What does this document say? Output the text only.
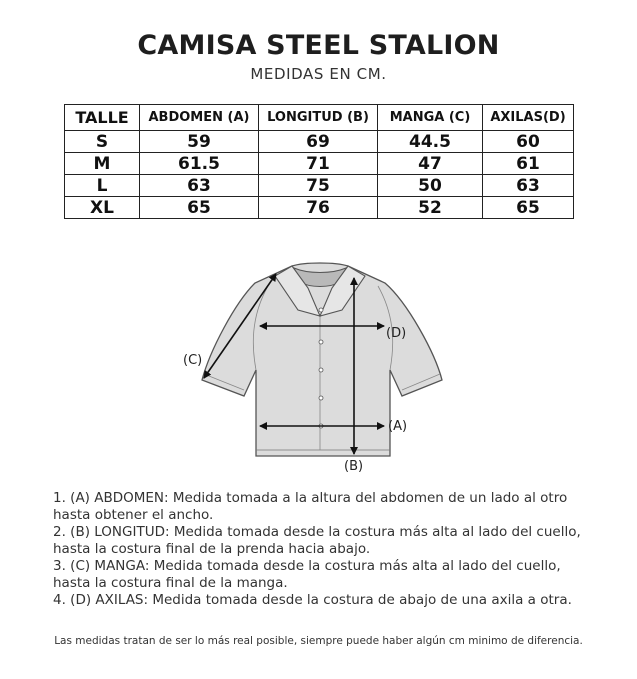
CAMISA STEEL STALION
MEDIDAS EN CM.
TALLE	ABDOMEN (A)	LONGITUD (B)	MANGA (C)	AXILAS(D)
S	59	69	44.5	60
M	61.5	71	47	61
L	63	75	50	63
XL	65	76	52	65
(D)
(A)
(B)
(C)

1. (A) ABDOMEN: Medida tomada a la altura del abdomen de un lado al otro hasta obtener el ancho.

2. (B) LONGITUD: Medida tomada desde la costura más alta al lado del cuello, hasta la costura final de la prenda hacia abajo.

3. (C) MANGA: Medida tomada desde la costura más alta al lado del cuello, hasta la costura final de la manga.

4. (D) AXILAS: Medida tomada desde la costura de abajo de una axila a otra.

Las medidas tratan de ser lo más real posible, siempre puede haber algún cm minimo de diferencia.
